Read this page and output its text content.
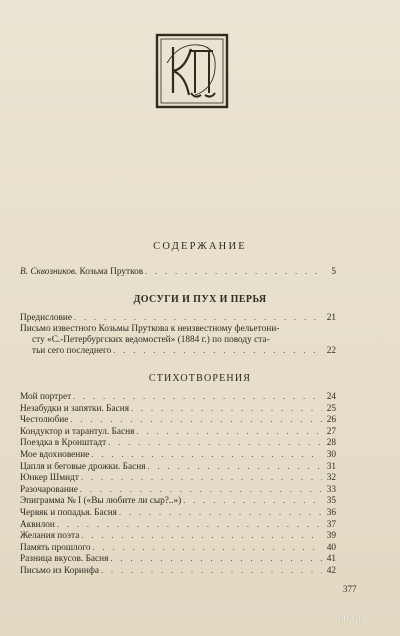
СОДЕРЖАНИЕ
В. Сквозников. Козьма Прутков . . .	5
ДОСУГИ И ПУХ И ПЕРЬЯ
Предисловие . . .	21
Письмо известного Козьмы Пруткова к неизвестному фельетони-
сту «С.-Петербургских ведомостей» (1884 г.) по поводу ста-
тьи сего последнего . . .	22
СТИХОТВОРЕНИЯ
Мой портрет . . .	24
Незабудки и запятки. Басня . . .	25
Честолюбие . . .	26
Кондуктор и тарантул. Басня . . .	27
Поездка в Кронштадт . . .	28
Мое вдохновение . . .	30
Цапля и беговые дрожки. Басня . . .	31
Юнкер Шмидт . . .	32
Разочарование . . .	33
Эпиграмма № I («Вы любите ли сыр?..») . . .	35
Червяк и попадья. Басня . . .	36
Аквилон . . .	37
Желания поэта . . .	39
Память прошлого . . .	40
Разница вкусов. Басня . . .	41
Письмо из Коринфа . . .	42
377
au.ru
